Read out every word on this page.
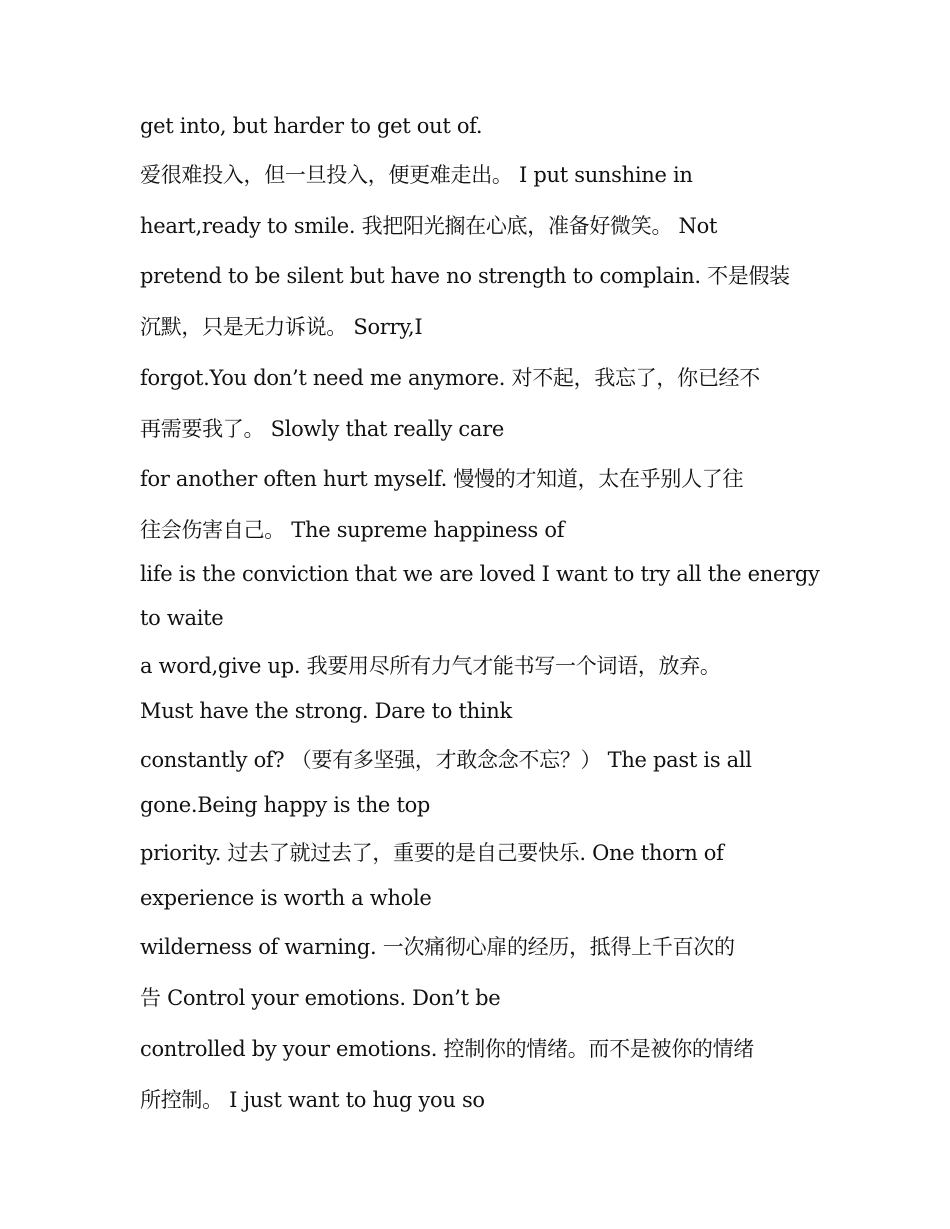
get into, but harder to get out of.

爱很难投入，但一旦投入，便更难走出。 I put sunshine in

heart,ready to smile. 我把阳光搁在心底，准备好微笑。 Not

pretend to be silent but have no strength to complain. 不是假装

沉默，只是无力诉说。 Sorry,I

forgot.You don’t need me anymore. 对不起，我忘了，你已经不

再需要我了。 Slowly that really care

for another often hurt myself. 慢慢的才知道，太在乎别人了往

往会伤害自己。 The supreme happiness of

life is the conviction that we are loved I want to try all the energy

to waite

a word,give up. 我要用尽所有力气才能书写一个词语，放弃。

Must have the strong. Dare to think

constantly of? （要有多坚强，才敢念念不忘？） The past is all

gone.Being happy is the top

priority. 过去了就过去了，重要的是自己要快乐. One thorn of

experience is worth a whole

wilderness of warning. 一次痛彻心扉的经历，抵得上千百次的

告 Control your emotions. Don’t be

controlled by your emotions. 控制你的情绪。而不是被你的情绪

所控制。 I just want to hug you so
